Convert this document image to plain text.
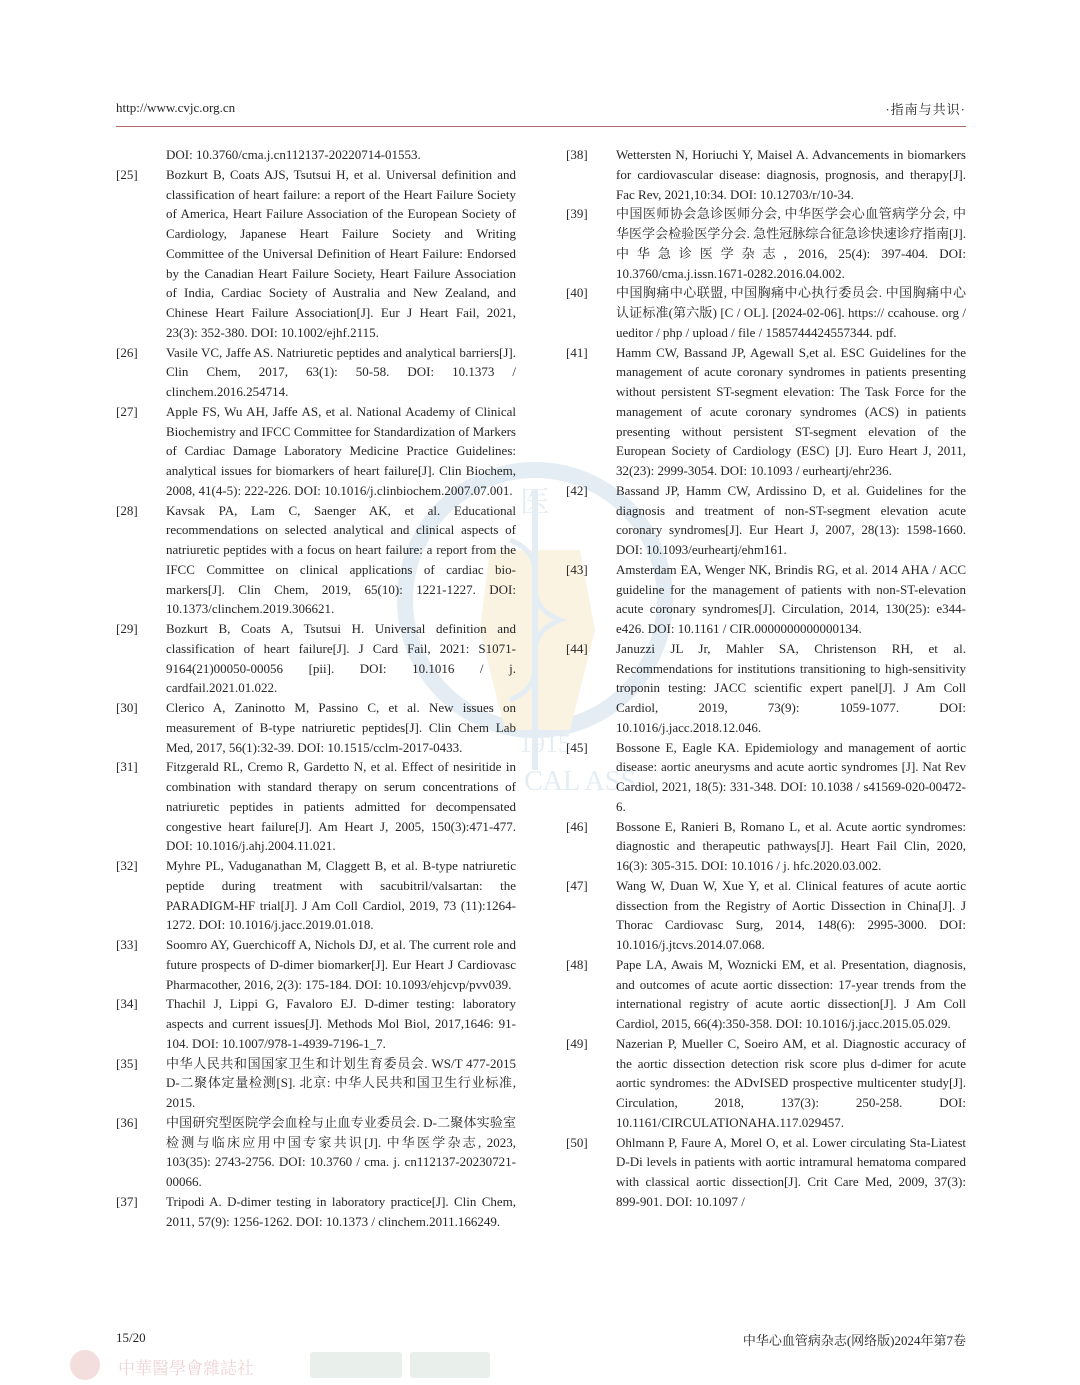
http://www.cvjc.org.cn	·指南与共识·
医
1915
CAL ASS
DOI: 10.3760/cma.j.cn112137-20220714-01553.
[25]	Bozkurt B, Coats AJS, Tsutsui H, et al. Universal definition and classification of heart failure: a report of the Heart Failure Society of America, Heart Failure Association of the European Society of Cardiology, Japanese Heart Failure Society and Writing Committee of the Universal Definition of Heart Failure: Endorsed by the Canadian Heart Failure Society, Heart Failure Association of India, Cardiac Society of Australia and New Zealand, and Chinese Heart Failure Association[J]. Eur J Heart Fail, 2021, 23(3): 352-380. DOI: 10.1002/ejhf.2115.
[26]	Vasile VC, Jaffe AS. Natriuretic peptides and analytical barriers[J]. Clin Chem, 2017, 63(1): 50-58. DOI: 10.1373 / clinchem.2016.254714.
[27]	Apple FS, Wu AH, Jaffe AS, et al. National Academy of Clinical Biochemistry and IFCC Committee for Standardization of Markers of Cardiac Damage Laboratory Medicine Practice Guidelines: analytical issues for biomarkers of heart failure[J]. Clin Biochem, 2008, 41(4-5): 222-226. DOI: 10.1016/j.clinbiochem.2007.07.001.
[28]	Kavsak PA, Lam C, Saenger AK, et al. Educational recommendations on selected analytical and clinical aspects of natriuretic peptides with a focus on heart failure: a report from the IFCC Committee on clinical applications of cardiac bio-markers[J]. Clin Chem, 2019, 65(10): 1221-1227. DOI: 10.1373/clinchem.2019.306621.
[29]	Bozkurt B, Coats A, Tsutsui H. Universal definition and classification of heart failure[J]. J Card Fail, 2021: S1071-9164(21)00050-00056 [pii]. DOI: 10.1016 / j. cardfail.2021.01.022.
[30]	Clerico A, Zaninotto M, Passino C, et al. New issues on measurement of B-type natriuretic peptides[J]. Clin Chem Lab Med, 2017, 56(1):32-39. DOI: 10.1515/cclm-2017-0433.
[31]	Fitzgerald RL, Cremo R, Gardetto N, et al. Effect of nesiritide in combination with standard therapy on serum concentrations of natriuretic peptides in patients admitted for decompensated congestive heart failure[J]. Am Heart J, 2005, 150(3):471-477. DOI: 10.1016/j.ahj.2004.11.021.
[32]	Myhre PL, Vaduganathan M, Claggett B, et al. B-type natriuretic peptide during treatment with sacubitril/valsartan: the PARADIGM-HF trial[J]. J Am Coll Cardiol, 2019, 73 (11):1264-1272. DOI: 10.1016/j.jacc.2019.01.018.
[33]	Soomro AY, Guerchicoff A, Nichols DJ, et al. The current role and future prospects of D-dimer biomarker[J]. Eur Heart J Cardiovasc Pharmacother, 2016, 2(3): 175-184. DOI: 10.1093/ehjcvp/pvv039.
[34]	Thachil J, Lippi G, Favaloro EJ. D-dimer testing: laboratory aspects and current issues[J]. Methods Mol Biol, 2017,1646: 91-104. DOI: 10.1007/978-1-4939-7196-1_7.
[35]	中华人民共和国国家卫生和计划生育委员会. WS/T 477-2015 D-二聚体定量检测[S]. 北京: 中华人民共和国卫生行业标准, 2015.
[36]	中国研究型医院学会血栓与止血专业委员会. D-二聚体实验室检测与临床应用中国专家共识[J]. 中华医学杂志, 2023, 103(35): 2743-2756. DOI: 10.3760 / cma. j. cn112137-20230721-00066.
[37]	Tripodi A. D-dimer testing in laboratory practice[J]. Clin Chem, 2011, 57(9): 1256-1262. DOI: 10.1373 / clinchem.2011.166249.
[38]	Wettersten N, Horiuchi Y, Maisel A. Advancements in biomarkers for cardiovascular disease: diagnosis, prognosis, and therapy[J]. Fac Rev, 2021,10:34. DOI: 10.12703/r/10-34.
[39]	中国医师协会急诊医师分会, 中华医学会心血管病学分会, 中华医学会检验医学分会. 急性冠脉综合征急诊快速诊疗指南[J]. 中华急诊医学杂志, 2016, 25(4): 397-404. DOI: 10.3760/cma.j.issn.1671-0282.2016.04.002.
[40]	中国胸痛中心联盟, 中国胸痛中心执行委员会. 中国胸痛中心认证标准(第六版) [C / OL]. [2024-02-06]. https:// ccahouse. org / ueditor / php / upload / file / 1585744424557344. pdf.
[41]	Hamm CW, Bassand JP, Agewall S,et al. ESC Guidelines for the management of acute coronary syndromes in patients presenting without persistent ST-segment elevation: The Task Force for the management of acute coronary syndromes (ACS) in patients presenting without persistent ST-segment elevation of the European Society of Cardiology (ESC) [J]. Euro Heart J, 2011, 32(23): 2999-3054. DOI: 10.1093 / eurheartj/ehr236.
[42]	Bassand JP, Hamm CW, Ardissino D, et al. Guidelines for the diagnosis and treatment of non-ST-segment elevation acute coronary syndromes[J]. Eur Heart J, 2007, 28(13): 1598-1660. DOI: 10.1093/eurheartj/ehm161.
[43]	Amsterdam EA, Wenger NK, Brindis RG, et al. 2014 AHA / ACC guideline for the management of patients with non-ST-elevation acute coronary syndromes[J]. Circulation, 2014, 130(25): e344-e426. DOI: 10.1161 / CIR.0000000000000134.
[44]	Januzzi JL Jr, Mahler SA, Christenson RH, et al. Recommendations for institutions transitioning to high-sensitivity troponin testing: JACC scientific expert panel[J]. J Am Coll Cardiol, 2019, 73(9): 1059-1077. DOI: 10.1016/j.jacc.2018.12.046.
[45]	Bossone E, Eagle KA. Epidemiology and management of aortic disease: aortic aneurysms and acute aortic syndromes [J]. Nat Rev Cardiol, 2021, 18(5): 331-348. DOI: 10.1038 / s41569-020-00472-6.
[46]	Bossone E, Ranieri B, Romano L, et al. Acute aortic syndromes: diagnostic and therapeutic pathways[J]. Heart Fail Clin, 2020, 16(3): 305-315. DOI: 10.1016 / j. hfc.2020.03.002.
[47]	Wang W, Duan W, Xue Y, et al. Clinical features of acute aortic dissection from the Registry of Aortic Dissection in China[J]. J Thorac Cardiovasc Surg, 2014, 148(6): 2995-3000. DOI: 10.1016/j.jtcvs.2014.07.068.
[48]	Pape LA, Awais M, Woznicki EM, et al. Presentation, diagnosis, and outcomes of acute aortic dissection: 17-year trends from the international registry of acute aortic dissection[J]. J Am Coll Cardiol, 2015, 66(4):350-358. DOI: 10.1016/j.jacc.2015.05.029.
[49]	Nazerian P, Mueller C, Soeiro AM, et al. Diagnostic accuracy of the aortic dissection detection risk score plus d-dimer for acute aortic syndromes: the ADvISED prospective multicenter study[J]. Circulation, 2018, 137(3): 250-258. DOI: 10.1161/CIRCULATIONAHA.117.029457.
[50]	Ohlmann P, Faure A, Morel O, et al. Lower circulating Sta-Liatest D-Di levels in patients with aortic intramural hematoma compared with classical aortic dissection[J]. Crit Care Med, 2009, 37(3): 899-901. DOI: 10.1097 /
15/20	中华心血管病杂志(网络版)2024年第7卷
中華醫學會雜誌社
